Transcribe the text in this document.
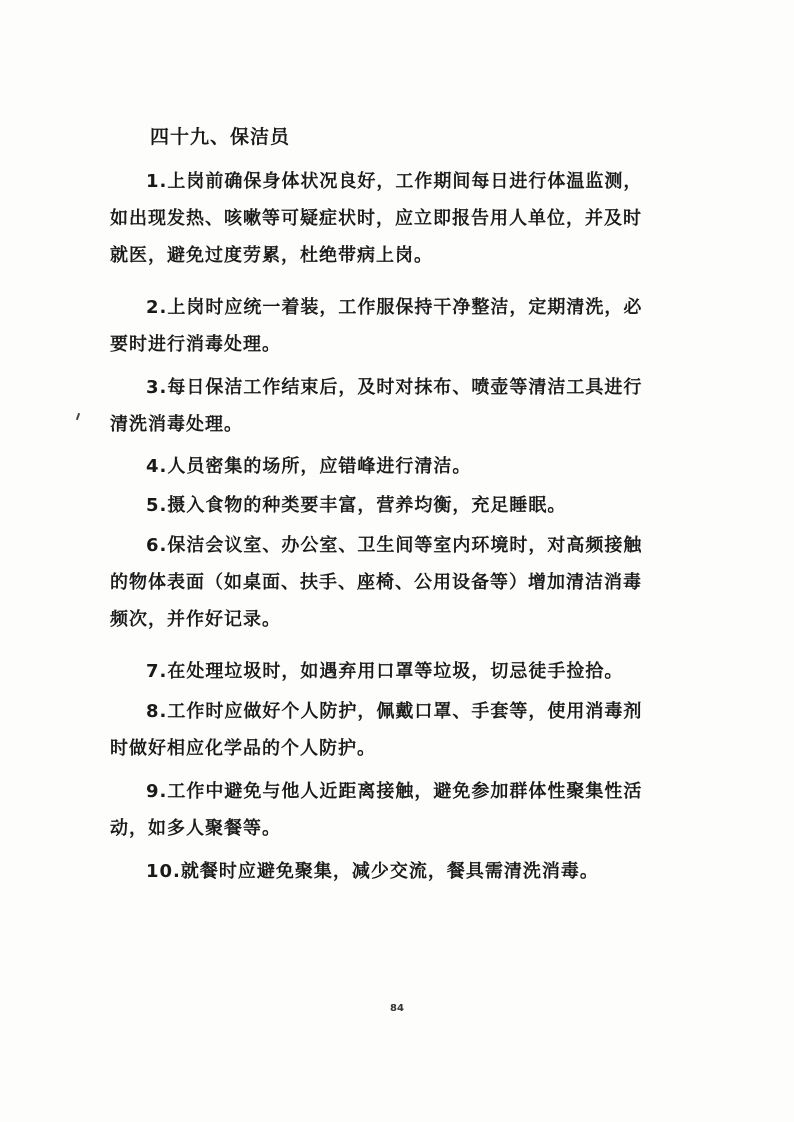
四十九、保洁员

1.上岗前确保身体状况良好，工作期间每日进行体温监测，如出现发热、咳嗽等可疑症状时，应立即报告用人单位，并及时就医，避免过度劳累，杜绝带病上岗。

2.上岗时应统一着装，工作服保持干净整洁，定期清洗，必要时进行消毒处理。

3.每日保洁工作结束后，及时对抹布、喷壶等清洁工具进行清洗消毒处理。

4.人员密集的场所，应错峰进行清洁。

5.摄入食物的种类要丰富，营养均衡，充足睡眠。

6.保洁会议室、办公室、卫生间等室内环境时，对高频接触的物体表面（如桌面、扶手、座椅、公用设备等）增加清洁消毒频次，并作好记录。

7.在处理垃圾时，如遇弃用口罩等垃圾，切忌徒手捡拾。

8.工作时应做好个人防护，佩戴口罩、手套等，使用消毒剂时做好相应化学品的个人防护。

9.工作中避免与他人近距离接触，避免参加群体性聚集性活动，如多人聚餐等。

10.就餐时应避免聚集，减少交流，餐具需清洗消毒。

84
